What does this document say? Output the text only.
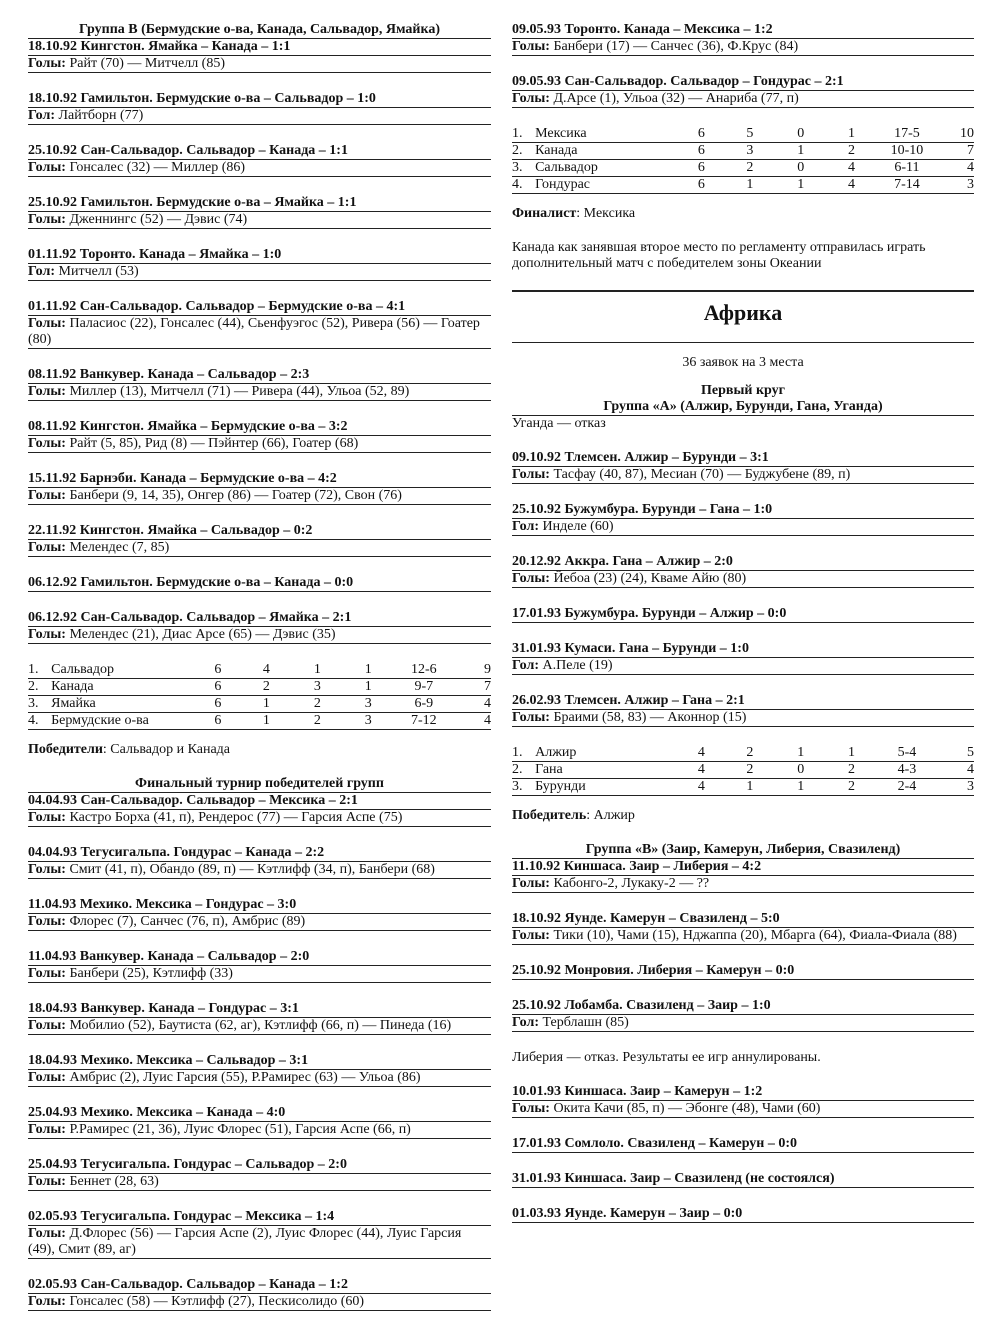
Группа В (Бермудские о-ва, Канада, Сальвадор, Ямайка)
18.10.92 Кингстон. Ямайка – Канада – 1:1
Голы: Райт (70) — Митчелл (85)
18.10.92 Гамильтон. Бермудские о-ва – Сальвадор – 1:0
Гол: Лайтборн (77)
25.10.92 Сан-Сальвадор. Сальвадор – Канада – 1:1
Голы: Гонсалес (32) — Миллер (86)
25.10.92 Гамильтон. Бермудские о-ва – Ямайка – 1:1
Голы: Дженнингс (52) — Дэвис (74)
01.11.92 Торонто. Канада – Ямайка – 1:0
Гол: Митчелл (53)
01.11.92 Сан-Сальвадор. Сальвадор – Бермудские о-ва – 4:1
Голы: Паласиос (22), Гонсалес (44), Сьенфуэгос (52), Ривера (56) — Гоатер (80)
08.11.92 Ванкувер. Канада – Сальвадор – 2:3
Голы: Миллер (13), Митчелл (71) — Ривера (44), Ульоа (52, 89)
08.11.92 Кингстон. Ямайка – Бермудские о-ва – 3:2
Голы: Райт (5, 85), Рид (8) — Пэйнтер (66), Гоатер (68)
15.11.92 Барнэби. Канада – Бермудские о-ва – 4:2
Голы: Банбери (9, 14, 35), Онгер (86) — Гоатер (72), Свон (76)
22.11.92 Кингстон. Ямайка – Сальвадор – 0:2
Голы: Мелендес (7, 85)
06.12.92 Гамильтон. Бермудские о-ва – Канада – 0:0
06.12.92 Сан-Сальвадор. Сальвадор – Ямайка – 2:1
Голы: Мелендес (21), Диас Арсе (65) — Дэвис (35)
1.	Сальвадор	6	4	1	1	12-6	9
2.	Канада	6	2	3	1	9-7	7
3.	Ямайка	6	1	2	3	6-9	4
4.	Бермудские о-ва	6	1	2	3	7-12	4
Победители: Сальвадор и Канада
Финальный турнир победителей групп
04.04.93 Сан-Сальвадор. Сальвадор – Мексика – 2:1
Голы: Кастро Борха (41, п), Рендерос (77) — Гарсия Аспе (75)
04.04.93 Тегусигальпа. Гондурас – Канада – 2:2
Голы: Смит (41, п), Обандо (89, п) — Кэтлифф (34, п), Банбери (68)
11.04.93 Мехико. Мексика – Гондурас – 3:0
Голы: Флорес (7), Санчес (76, п), Амбрис (89)
11.04.93 Ванкувер. Канада – Сальвадор – 2:0
Голы: Банбери (25), Кэтлифф (33)
18.04.93 Ванкувер. Канада – Гондурас – 3:1
Голы: Мобилио (52), Баутиста (62, аг), Кэтлифф (66, п) — Пинеда (16)
18.04.93 Мехико. Мексика – Сальвадор – 3:1
Голы: Амбрис (2), Луис Гарсия (55), Р.Рамирес (63) — Ульоа (86)
25.04.93 Мехико. Мексика – Канада – 4:0
Голы: Р.Рамирес (21, 36), Луис Флорес (51), Гарсия Аспе (66, п)
25.04.93 Тегусигальпа. Гондурас – Сальвадор – 2:0
Голы: Беннет (28, 63)
02.05.93 Тегусигальпа. Гондурас – Мексика – 1:4
Голы: Д.Флорес (56) — Гарсия Аспе (2), Луис Флорес (44), Луис Гарсия (49), Смит (89, аг)
02.05.93 Сан-Сальвадор. Сальвадор – Канада – 1:2
Голы: Гонсалес (58) — Кэтлифф (27), Пескисолидо (60)
09.05.93 Торонто. Канада – Мексика – 1:2
Голы: Банбери (17) — Санчес (36), Ф.Крус (84)
09.05.93 Сан-Сальвадор. Сальвадор – Гондурас – 2:1
Голы: Д.Арсе (1), Ульоа (32) — Анариба (77, п)
1.	Мексика	6	5	0	1	17-5	10
2.	Канада	6	3	1	2	10-10	7
3.	Сальвадор	6	2	0	4	6-11	4
4.	Гондурас	6	1	1	4	7-14	3
Финалист: Мексика
Канада как занявшая второе место по регламенту отправилась играть дополнительный матч с победителем зоны Океании
Африка
36 заявок на 3 места
Первый круг
Группа «А» (Алжир, Бурунди, Гана, Уганда)
Уганда — отказ
09.10.92 Тлемсен. Алжир – Бурунди – 3:1
Голы: Тасфау (40, 87), Месиан (70) — Буджубене (89, п)
25.10.92 Бужумбура. Бурунди – Гана – 1:0
Гол: Инделе (60)
20.12.92 Аккра. Гана – Алжир – 2:0
Голы: Йебоа (23) (24), Кваме Айю (80)
17.01.93 Бужумбура. Бурунди – Алжир – 0:0
31.01.93 Кумаси. Гана – Бурунди – 1:0
Гол: А.Пеле (19)
26.02.93 Тлемсен. Алжир – Гана – 2:1
Голы: Браими (58, 83) — Аконнор (15)
1.	Алжир	4	2	1	1	5-4	5
2.	Гана	4	2	0	2	4-3	4
3.	Бурунди	4	1	1	2	2-4	3
Победитель: Алжир
Группа «В» (Заир, Камерун, Либерия, Свазиленд)
11.10.92 Киншаса. Заир – Либерия – 4:2
Голы: Кабонго-2, Лукаку-2 — ??
18.10.92 Яунде. Камерун – Свазиленд – 5:0
Голы: Тики (10), Чами (15), Нджаппа (20), Мбарга (64), Фиала-Фиала (88)
25.10.92 Монровия. Либерия – Камерун – 0:0
25.10.92 Лобамба. Свазиленд – Заир – 1:0
Гол: Терблашн (85)
Либерия — отказ. Результаты ее игр аннулированы.
10.01.93 Киншаса. Заир – Камерун – 1:2
Голы: Окита Качи (85, п) — Эбонге (48), Чами (60)
17.01.93 Сомлоло. Свазиленд – Камерун – 0:0
31.01.93 Киншаса. Заир – Свазиленд (не состоялся)
01.03.93 Яунде. Камерун – Заир – 0:0
